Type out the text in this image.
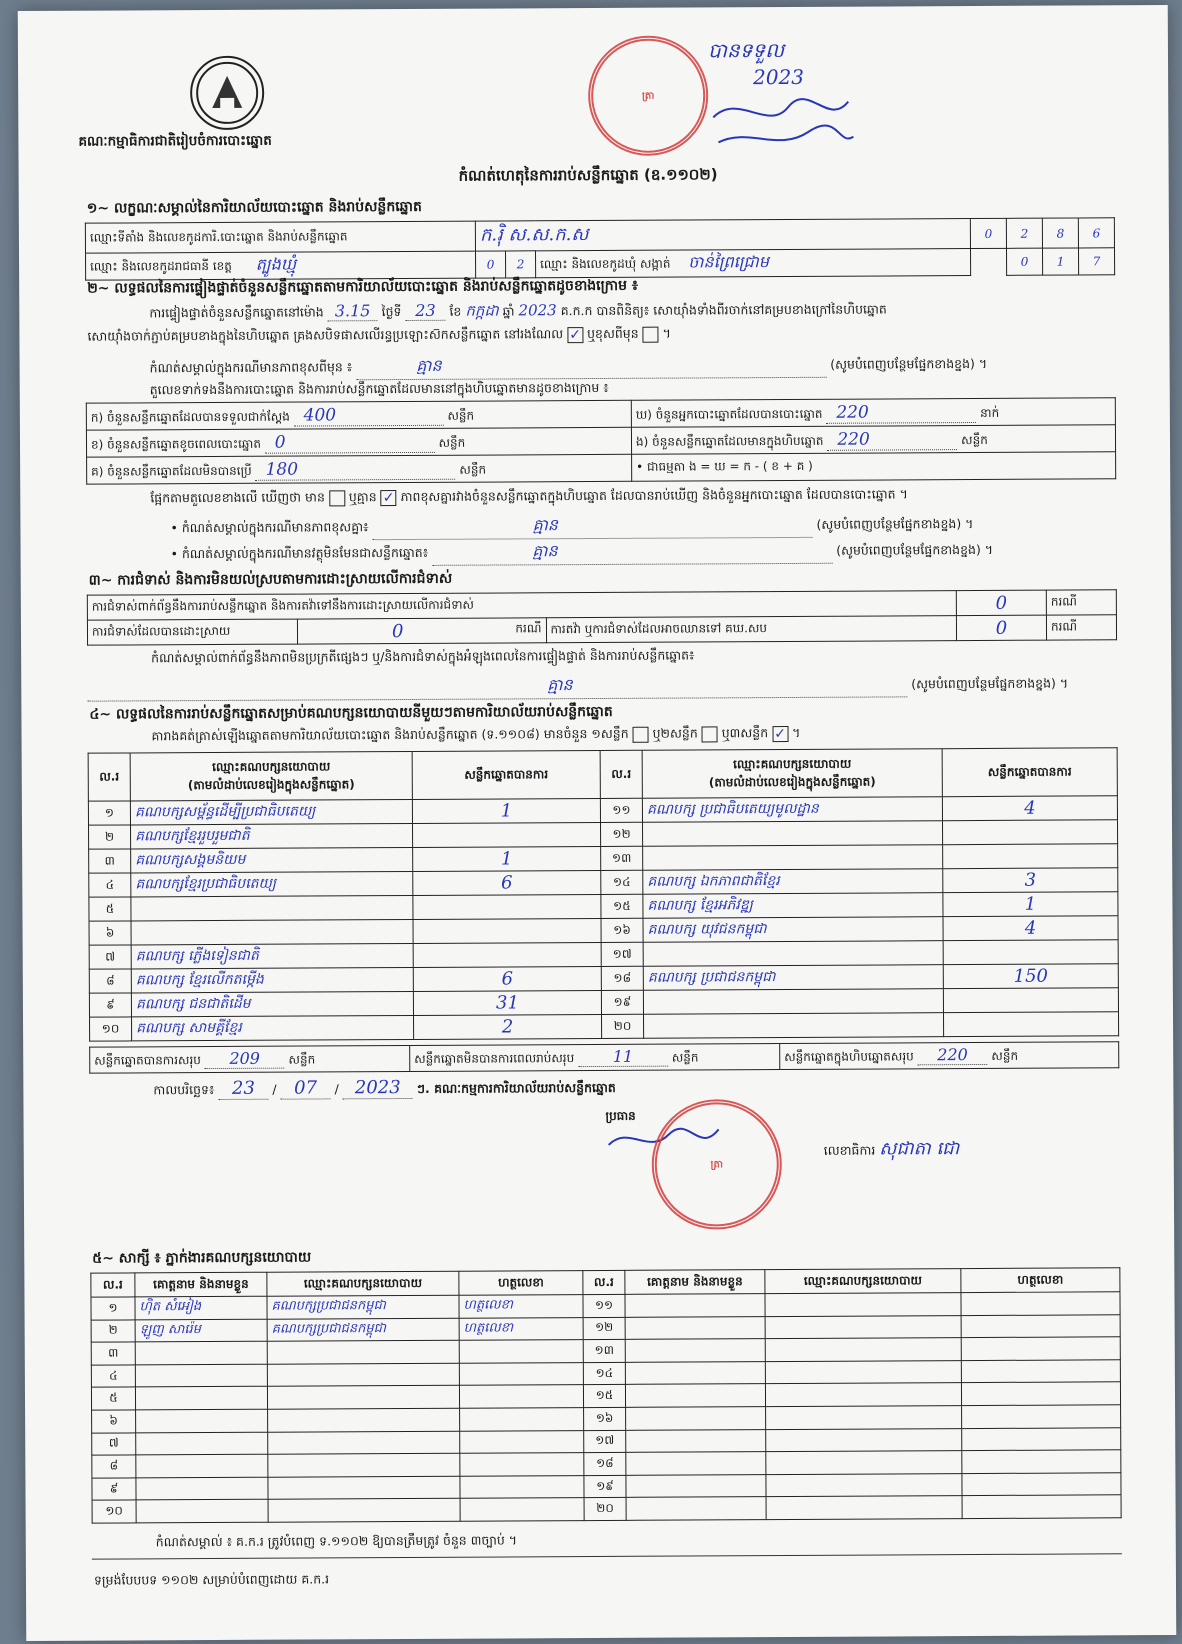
គណៈកម្មាធិការជាតិរៀបចំការបោះឆ្នោត
ត្រា
បានទទួល
2023
កំណត់ហេតុនៃការរាប់សន្លឹកឆ្នោត (ឧ.១១០២)
១~ លក្ខណៈសម្គាល់នៃការិយាល័យបោះឆ្នោត និងរាប់សន្លឹកឆ្នោត
ឈ្មោះទីតាំង និងលេខកូដការិ.បោះឆ្នោត និងរាប់សន្លឹកឆ្នោត	ក.រ៉ិ ស.ស.ក.ស			0	2	8	6
ឈ្មោះ និងលេខកូដរាជធានី ខេត្ត ត្បូងឃ្មុំ	0	2	ឈ្មោះ និងលេខកូដឃុំ សង្កាត់ ចាន់ព្រៃជ្រោម		0	1	7
២~ លទ្ធផលនៃការផ្ទៀងផ្ទាត់ចំនួនសន្លឹកឆ្នោតតាមការិយាល័យបោះឆ្នោត និងរាប់សន្លឹកឆ្នោតដូចខាងក្រោម ៖
ការផ្ទៀងផ្ទាត់ចំនួនសន្លឹកឆ្នោតនៅម៉ោង 3.15 ថ្ងៃទី 23 ខែ កក្កដា ឆ្នាំ 2023 គ.ក.ក បានពិនិត្យ៖ សោយ៉ាំងទាំងពីរចាក់នៅគម្របខាងក្រៅនៃហិបឆ្នោត
សោយ៉ាំងចាក់ភ្ជាប់គម្របខាងក្នុងនៃហិបឆ្នោត គ្រងសបិទផាសលើរន្ធប្រឡោះស៊កសន្លឹកឆ្នោត នៅរងណែល ✓ ឬខុសពីមុន  ។
កំណត់សម្គាល់ក្នុងករណីមានភាពខុសពីមុន ៖	គ្មាន	(សូមបំពេញបន្ថែមផ្នែកខាងខ្នង) ។
តួលេខទាក់ទងនឹងការបោះឆ្នោត និងការរាប់សន្លឹកឆ្នោតដែលមាននៅក្នុងហិបឆ្នោតមានដូចខាងក្រោម ៖
ក) ចំនួនសន្លឹកឆ្នោតដែលបានទទួលជាក់ស្តែង 400 សន្លឹក	ឃ) ចំនួនអ្នកបោះឆ្នោតដែលបានបោះឆ្នោត 220 នាក់
ខ) ចំនួនសន្លឹកឆ្នោតខូចពេលបោះឆ្នោត 0 សន្លឹក	ង) ចំនួនសន្លឹកឆ្នោតដែលមានក្នុងហិបឆ្នោត 220 សន្លឹក
គ) ចំនួនសន្លឹកឆ្នោតដែលមិនបានប្រើ 180 សន្លឹក	• ជាធម្មតា ង = ឃ = ក - ( ខ + គ )
ផ្អែកតាមតួលេខខាងលើ ឃើញថា មាន ឬគ្មាន ✓ ភាពខុសគ្នារវាងចំនួនសន្លឹកឆ្នោតក្នុងហិបឆ្នោត ដែលបានរាប់ឃើញ និងចំនួនអ្នកបោះឆ្នោត ដែលបានបោះឆ្នោត ។
• កំណត់សម្គាល់ក្នុងករណីមានភាពខុសគ្នា៖	គ្មាន	(សូមបំពេញបន្ថែមផ្នែកខាងខ្នង) ។
• កំណត់សម្គាល់ក្នុងករណីមានវត្ថុមិនមែនជាសន្លឹកឆ្នោត៖	គ្មាន	(សូមបំពេញបន្ថែមផ្នែកខាងខ្នង) ។
៣~ ការជំទាស់ និងការមិនយល់ស្របតាមការដោះស្រាយលើការជំទាស់
ការជំទាស់ពាក់ព័ន្ធនឹងការរាប់សន្លឹកឆ្នោត និងការតវ៉ាទៅនឹងការដោះស្រាយលើការជំទាស់			0	ករណី
ការជំទាស់ដែលបានដោះស្រាយ	0 ករណី	ការតវ៉ា ឬការជំទាស់ដែលអាចឈានទៅ គឃ.សប	0	ករណី
កំណត់សម្គាល់ពាក់ព័ន្ធនឹងភាពមិនប្រក្រតីផ្សេងៗ ឬ/និងការជំទាស់ក្នុងអំឡុងពេលនៃការផ្ទៀងផ្ទាត់ និងការរាប់សន្លឹកឆ្នោត៖
គ្មាន	(សូមបំពេញបន្ថែមផ្នែកខាងខ្នង) ។
៤~ លទ្ធផលនៃការរាប់សន្លឹកឆ្នោតសម្រាប់គណបក្សនយោបាយនីមួយៗតាមការិយាល័យរាប់សន្លឹកឆ្នោត
គារាងគត់ត្រាស់ឡើងឆ្នោតតាមការិយាល័យបោះឆ្នោត និងរាប់សន្លឹកឆ្នោត (ទ.១១០៨) មានចំនួន ១សន្លឹក ឬ២សន្លឹក ឬ៣សន្លឹក ✓ ។
ល.រ	ឈ្មោះគណបក្សនយោបាយ
(តាមលំដាប់លេខរៀងក្នុងសន្លឹកឆ្នោត)	សន្លឹកឆ្នោតបានការ	ល.រ	ឈ្មោះគណបក្សនយោបាយ
(តាមលំដាប់លេខរៀងក្នុងសន្លឹកឆ្នោត)	សន្លឹកឆ្នោតបានការ
១	គណបក្សសម្ព័ន្ធដើម្បីប្រជាធិបតេយ្យ	1	១១	គណបក្ស ប្រជាធិបតេយ្យមូលដ្ឋាន	4
២	គណបក្សខ្មែររួបរួមជាតិ		១២		
៣	គណបក្សសង្គមនិយម	1	១៣		
៤	គណបក្សខ្មែរប្រជាធិបតេយ្យ	6	១៤	គណបក្ស ឯកភាពជាតិខ្មែរ	3
៥			១៥	គណបក្ស ខ្មែរអភិវឌ្ឍ	1
៦			១៦	គណបក្ស យុវជនកម្ពុជា	4
៧	គណបក្ស ភ្លើងទៀនជាតិ		១៧		
៨	គណបក្ស ខ្មែរលើកតម្កើង	6	១៨	គណបក្ស ប្រជាជនកម្ពុជា	150
៩	គណបក្ស ជនជាតិដើម	31	១៩		
១០	គណបក្ស សាមគ្គីខ្មែរ	2	២០		
សន្លឹកឆ្នោតបានការសរុប 209 សន្លឹក	សន្លឹកឆ្នោតមិនបានការពេលរាប់សរុប 11	សន្លឹក	សន្លឹកឆ្នោតក្នុងហិបឆ្នោតសរុប 220 សន្លឹក
កាលបរិច្ឆេទ៖ 23 / 07 / 2023 ៗ. គណៈកម្មការការិយាល័យរាប់សន្លឹកឆ្នោត
ប្រធាន
ត្រា
លេខាធិការ សុជាតា ជោ
៥~ សាក្សី ៖ ភ្នាក់ងារគណបក្សនយោបាយ
ល.រ	គោត្តនាម និងនាមខ្លួន	ឈ្មោះគណបក្សនយោបាយ	ហត្ថលេខា	ល.រ	គោត្តនាម និងនាមខ្លួន	ឈ្មោះគណបក្សនយោបាយ	ហត្ថលេខា
១	ហ៊ិត សំអៀង	គណបក្សប្រជាជនកម្ពុជា	ហត្ថលេខា	១១			
២	ឡូញ សារ៉េម	គណបក្សប្រជាជនកម្ពុជា	ហត្ថលេខា	១២			
៣				១៣			
៤				១៤			
៥				១៥			
៦				១៦			
៧				១៧			
៨				១៨			
៩				១៩			
១០				២០			
កំណត់សម្គាល់ ៖ គ.ក.រ ត្រូវបំពេញ ទ.១១០២ ឱ្យបានត្រឹមត្រូវ ចំនួន ៣ច្បាប់ ។
ទម្រង់បែបបទ ១១០២ សម្រាប់បំពេញដោយ គ.ក.រ
